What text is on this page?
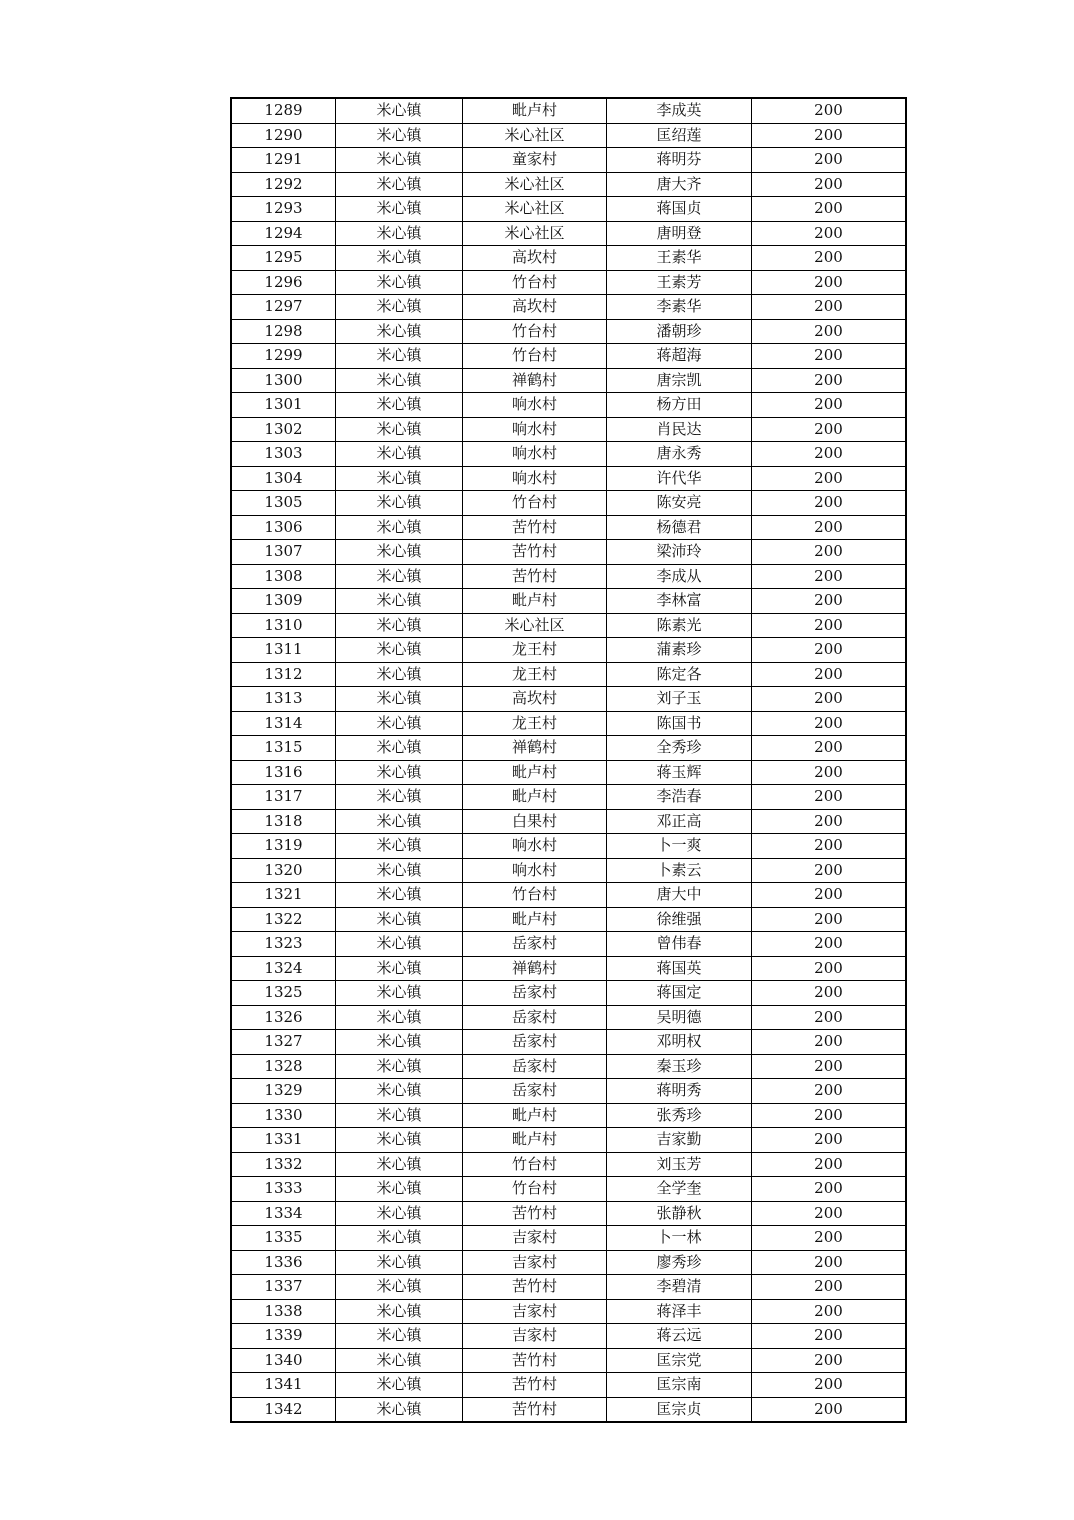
1289	米心镇	毗卢村	李成英	200
1290	米心镇	米心社区	匡绍莲	200
1291	米心镇	童家村	蒋明芬	200
1292	米心镇	米心社区	唐大齐	200
1293	米心镇	米心社区	蒋国贞	200
1294	米心镇	米心社区	唐明登	200
1295	米心镇	高坎村	王素华	200
1296	米心镇	竹台村	王素芳	200
1297	米心镇	高坎村	李素华	200
1298	米心镇	竹台村	潘朝珍	200
1299	米心镇	竹台村	蒋超海	200
1300	米心镇	禅鹤村	唐宗凯	200
1301	米心镇	响水村	杨方田	200
1302	米心镇	响水村	肖民达	200
1303	米心镇	响水村	唐永秀	200
1304	米心镇	响水村	许代华	200
1305	米心镇	竹台村	陈安亮	200
1306	米心镇	苦竹村	杨德君	200
1307	米心镇	苦竹村	梁沛玲	200
1308	米心镇	苦竹村	李成从	200
1309	米心镇	毗卢村	李林富	200
1310	米心镇	米心社区	陈素光	200
1311	米心镇	龙王村	蒲素珍	200
1312	米心镇	龙王村	陈定各	200
1313	米心镇	高坎村	刘子玉	200
1314	米心镇	龙王村	陈国书	200
1315	米心镇	禅鹤村	全秀珍	200
1316	米心镇	毗卢村	蒋玉辉	200
1317	米心镇	毗卢村	李浩春	200
1318	米心镇	白果村	邓正高	200
1319	米心镇	响水村	卜一爽	200
1320	米心镇	响水村	卜素云	200
1321	米心镇	竹台村	唐大中	200
1322	米心镇	毗卢村	徐维强	200
1323	米心镇	岳家村	曾伟春	200
1324	米心镇	禅鹤村	蒋国英	200
1325	米心镇	岳家村	蒋国定	200
1326	米心镇	岳家村	吴明德	200
1327	米心镇	岳家村	邓明权	200
1328	米心镇	岳家村	秦玉珍	200
1329	米心镇	岳家村	蒋明秀	200
1330	米心镇	毗卢村	张秀珍	200
1331	米心镇	毗卢村	吉家勤	200
1332	米心镇	竹台村	刘玉芳	200
1333	米心镇	竹台村	全学奎	200
1334	米心镇	苦竹村	张静秋	200
1335	米心镇	吉家村	卜一林	200
1336	米心镇	吉家村	廖秀珍	200
1337	米心镇	苦竹村	李碧清	200
1338	米心镇	吉家村	蒋泽丰	200
1339	米心镇	吉家村	蒋云远	200
1340	米心镇	苦竹村	匡宗党	200
1341	米心镇	苦竹村	匡宗南	200
1342	米心镇	苦竹村	匡宗贞	200
